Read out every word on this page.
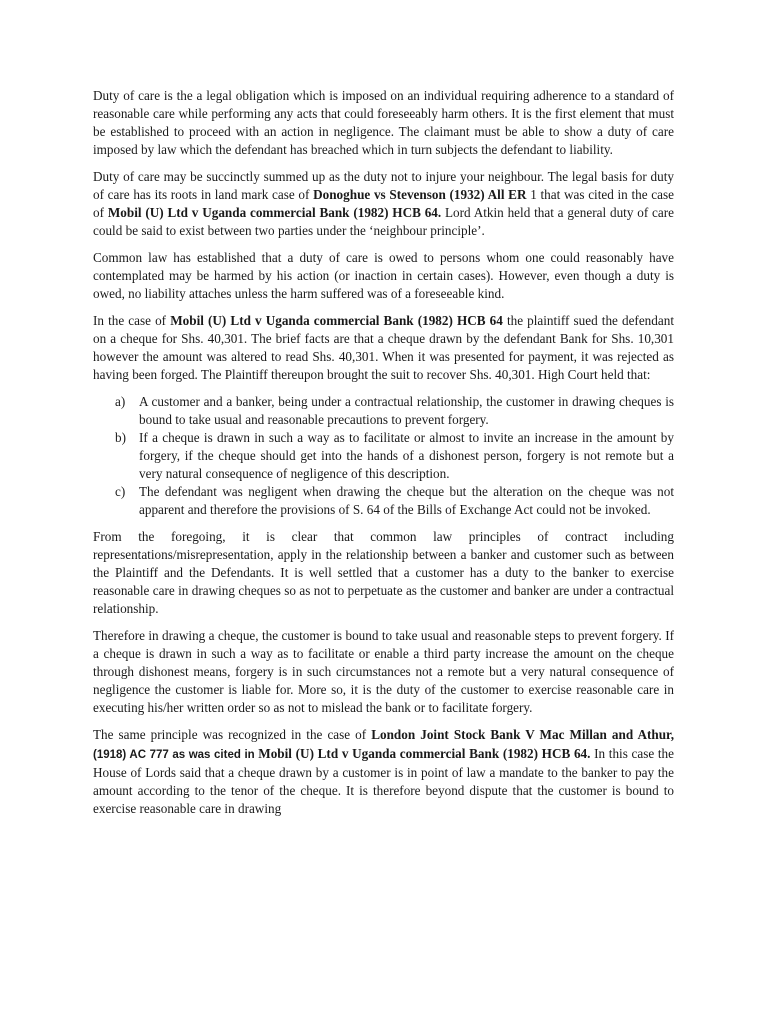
Duty of care is the a legal obligation which is imposed on an individual requiring adherence to a standard of reasonable care while performing any acts that could foreseeably harm others. It is the first element that must be established to proceed with an action in negligence. The claimant must be able to show a duty of care imposed by law which the defendant has breached which in turn subjects the defendant to liability.

Duty of care may be succinctly summed up as the duty not to injure your neighbour. The legal basis for duty of care has its roots in land mark case of Donoghue vs Stevenson (1932) All ER 1 that was cited in the case of Mobil (U) Ltd v Uganda commercial Bank (1982) HCB 64. Lord Atkin held that a general duty of care could be said to exist between two parties under the ‘neighbour principle’.

Common law has established that a duty of care is owed to persons whom one could reasonably have contemplated may be harmed by his action (or inaction in certain cases). However, even though a duty is owed, no liability attaches unless the harm suffered was of a foreseeable kind.

In the case of Mobil (U) Ltd v Uganda commercial Bank (1982) HCB 64 the plaintiff sued the defendant on a cheque for Shs. 40,301. The brief facts are that a cheque drawn by the defendant Bank for Shs. 10,301 however the amount was altered to read Shs. 40,301. When it was presented for payment, it was rejected as having been forged. The Plaintiff thereupon brought the suit to recover Shs. 40,301. High Court held that:

a) A customer and a banker, being under a contractual relationship, the customer in drawing cheques is bound to take usual and reasonable precautions to prevent forgery.
b) If a cheque is drawn in such a way as to facilitate or almost to invite an increase in the amount by forgery, if the cheque should get into the hands of a dishonest person, forgery is not remote but a very natural consequence of negligence of this description.
c) The defendant was negligent when drawing the cheque but the alteration on the cheque was not apparent and therefore the provisions of S. 64 of the Bills of Exchange Act could not be invoked.

From the foregoing, it is clear that common law principles of contract including representations/misrepresentation, apply in the relationship between a banker and customer such as between the Plaintiff and the Defendants. It is well settled that a customer has a duty to the banker to exercise reasonable care in drawing cheques so as not to perpetuate as the customer and banker are under a contractual relationship.

Therefore in drawing a cheque, the customer is bound to take usual and reasonable steps to prevent forgery. If a cheque is drawn in such a way as to facilitate or enable a third party increase the amount on the cheque through dishonest means, forgery is in such circumstances not a remote but a very natural consequence of negligence the customer is liable for. More so, it is the duty of the customer to exercise reasonable care in executing his/her written order so as not to mislead the bank or to facilitate forgery.

The same principle was recognized in the case of London Joint Stock Bank V Mac Millan and Athur, (1918) AC 777 as was cited in Mobil (U) Ltd v Uganda commercial Bank (1982) HCB 64. In this case the House of Lords said that a cheque drawn by a customer is in point of law a mandate to the banker to pay the amount according to the tenor of the cheque. It is therefore beyond dispute that the customer is bound to exercise reasonable care in drawing
